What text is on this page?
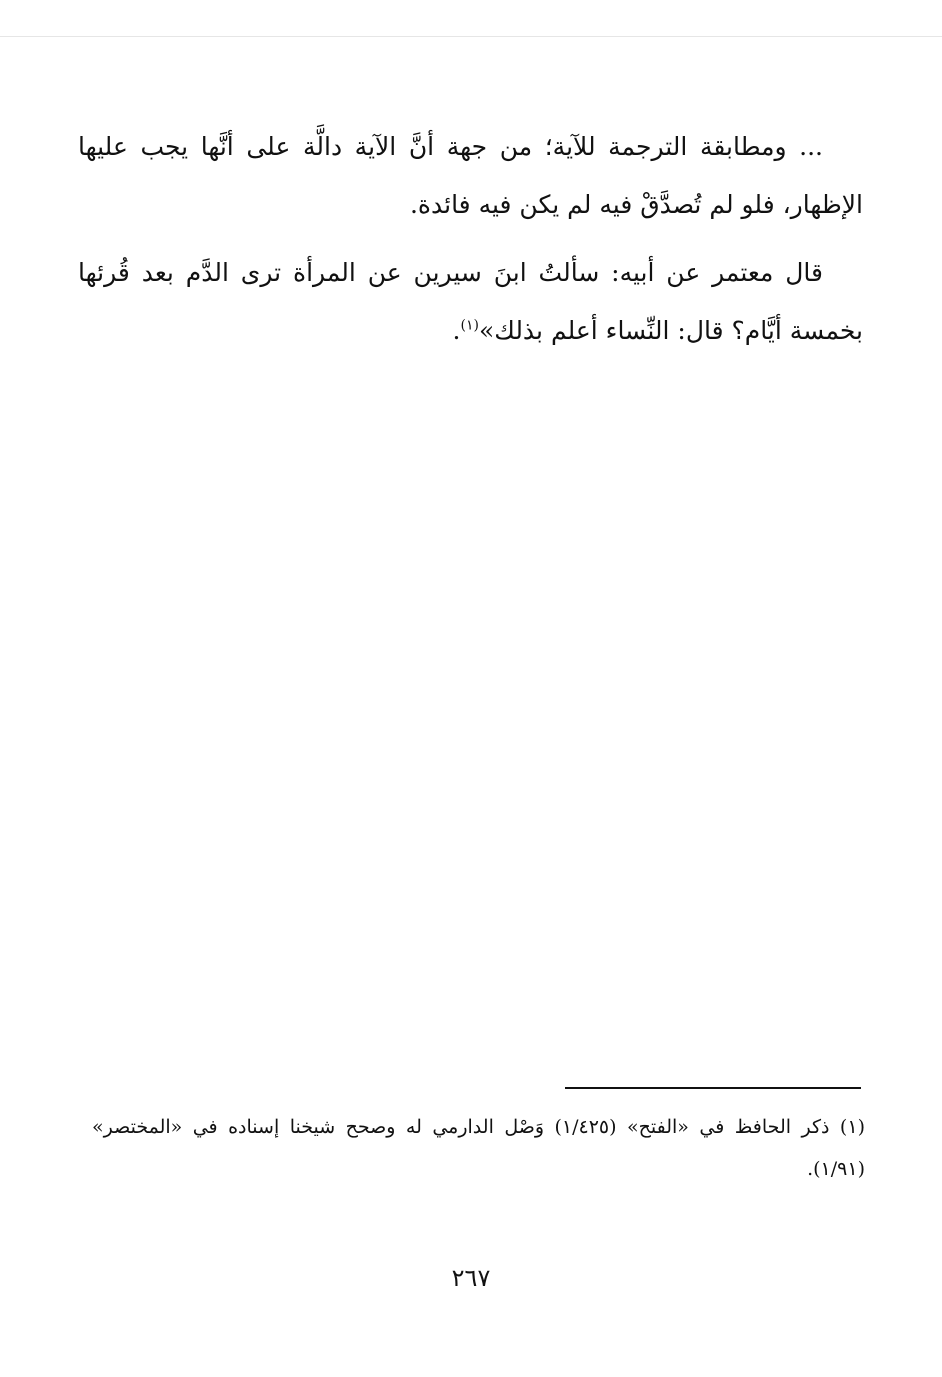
... ومطابقة الترجمة للآية؛ من جهة أنَّ الآية دالَّة على أنَّها يجب عليها الإظهار، فلو لم تُصدَّقْ فيه لم يكن فيه فائدة.

قال معتمر عن أبيه: سألتُ ابنَ سيرين عن المرأة ترى الدَّم بعد قُرئها بخمسة أيَّام؟ قال: النِّساء أعلم بذلك»$^{(١)}$.

(١) ذكر الحافظ في «الفتح» (١/٤٢٥) وَصْل الدارمي له وصحح شيخنا إسناده في «المختصر» (١/٩١).

٢٦٧
